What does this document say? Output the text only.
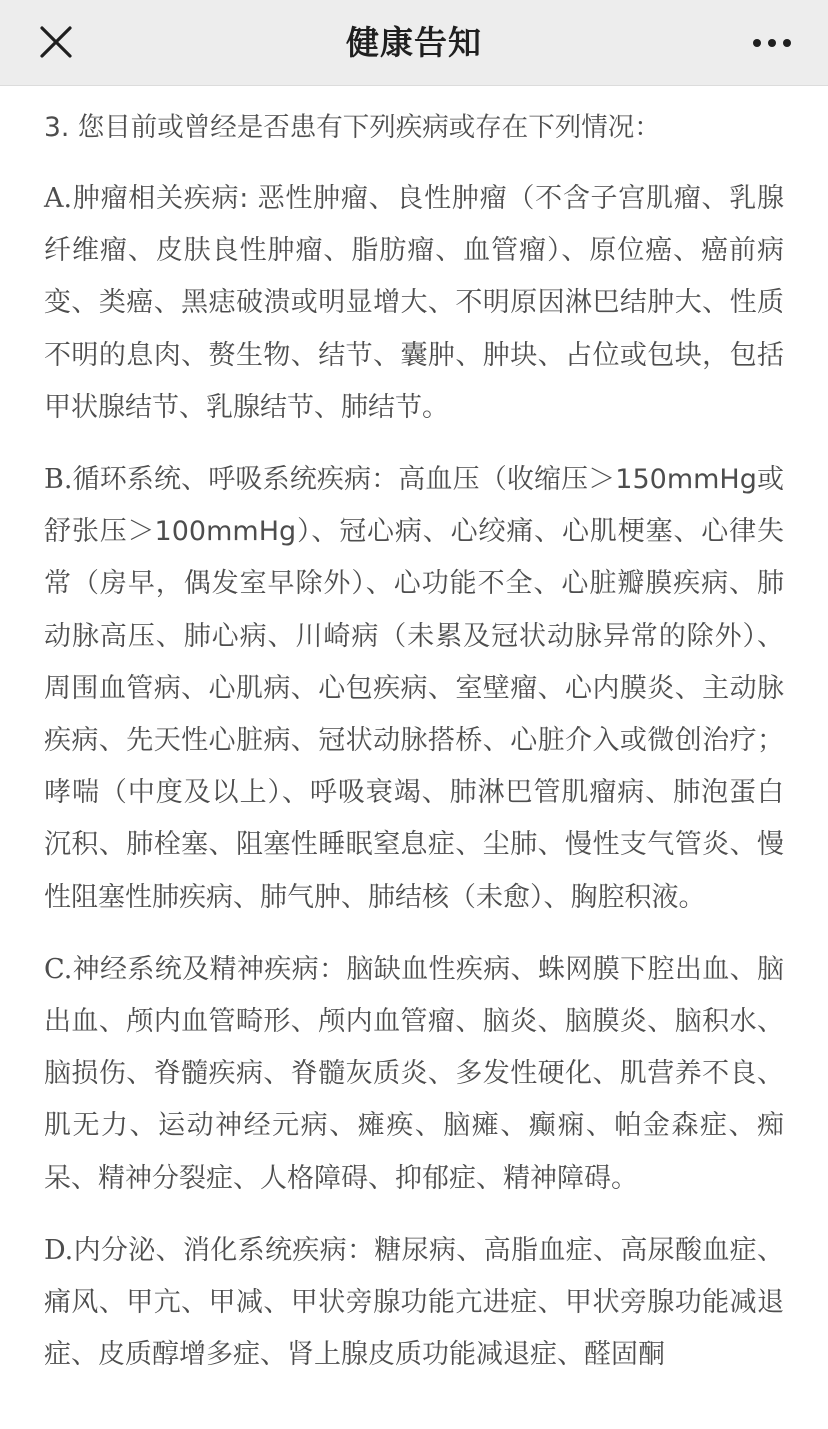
健康告知
3. 您目前或曾经是否患有下列疾病或存在下列情况：
A.肿瘤相关疾病: 恶性肿瘤、良性肿瘤（不含子宫肌瘤、乳腺纤维瘤、皮肤良性肿瘤、脂肪瘤、血管瘤）、原位癌、癌前病变、类癌、黑痣破溃或明显增大、不明原因淋巴结肿大、性质不明的息肉、赘生物、结节、囊肿、肿块、占位或包块，包括甲状腺结节、乳腺结节、肺结节。
B.循环系统、呼吸系统疾病：高血压（收缩压＞150mmHg或舒张压＞100mmHg）、冠心病、心绞痛、心肌梗塞、心律失常（房早，偶发室早除外）、心功能不全、心脏瓣膜疾病、肺动脉高压、肺心病、川崎病（未累及冠状动脉异常的除外）、周围血管病、心肌病、心包疾病、室壁瘤、心内膜炎、主动脉疾病、先天性心脏病、冠状动脉搭桥、心脏介入或微创治疗；哮喘（中度及以上）、呼吸衰竭、肺淋巴管肌瘤病、肺泡蛋白沉积、肺栓塞、阻塞性睡眠窒息症、尘肺、慢性支气管炎、慢性阻塞性肺疾病、肺气肿、肺结核（未愈）、胸腔积液。
C.神经系统及精神疾病：脑缺血性疾病、蛛网膜下腔出血、脑出血、颅内血管畸形、颅内血管瘤、脑炎、脑膜炎、脑积水、脑损伤、脊髓疾病、脊髓灰质炎、多发性硬化、肌营养不良、肌无力、运动神经元病、瘫痪、脑瘫、癫痫、帕金森症、痴呆、精神分裂症、人格障碍、抑郁症、精神障碍。
D.内分泌、消化系统疾病：糖尿病、高脂血症、高尿酸血症、痛风、甲亢、甲减、甲状旁腺功能亢进症、甲状旁腺功能减退症、皮质醇增多症、肾上腺皮质功能减退症、醛固酮
